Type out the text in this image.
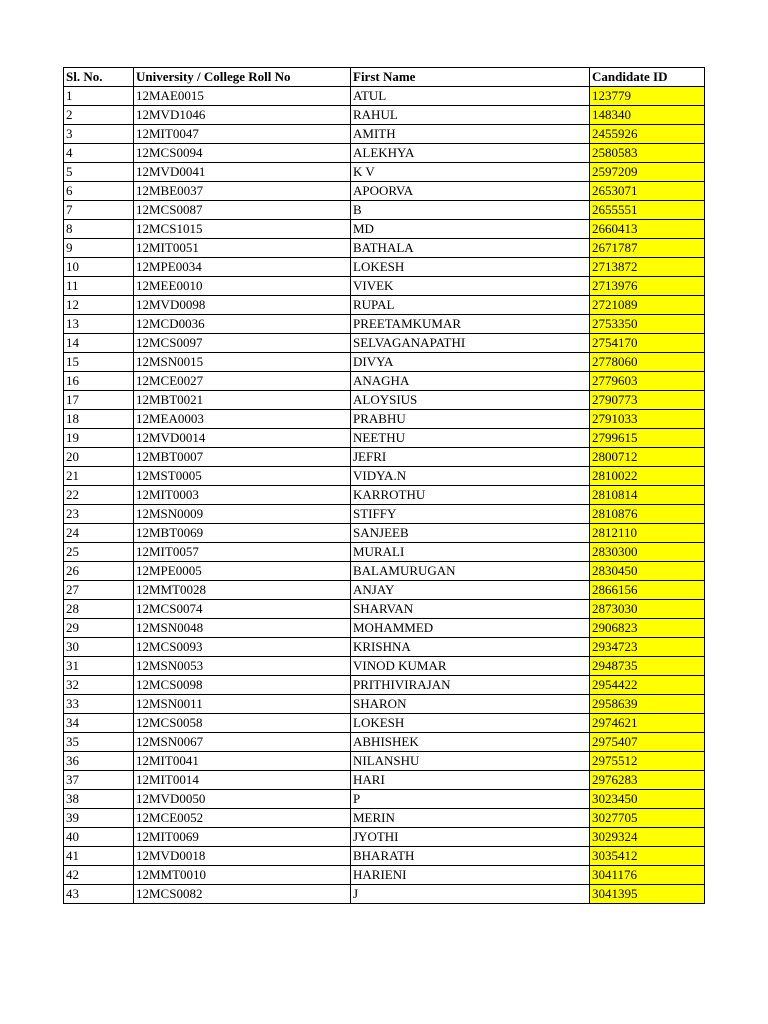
Sl. No.	University / College Roll No	First Name	Candidate ID
1	12MAE0015	ATUL	123779
2	12MVD1046	RAHUL	148340
3	12MIT0047	AMITH	2455926
4	12MCS0094	ALEKHYA	2580583
5	12MVD0041	K V	2597209
6	12MBE0037	APOORVA	2653071
7	12MCS0087	B	2655551
8	12MCS1015	MD	2660413
9	12MIT0051	BATHALA	2671787
10	12MPE0034	LOKESH	2713872
11	12MEE0010	VIVEK	2713976
12	12MVD0098	RUPAL	2721089
13	12MCD0036	PREETAMKUMAR	2753350
14	12MCS0097	SELVAGANAPATHI	2754170
15	12MSN0015	DIVYA	2778060
16	12MCE0027	ANAGHA	2779603
17	12MBT0021	ALOYSIUS	2790773
18	12MEA0003	PRABHU	2791033
19	12MVD0014	NEETHU	2799615
20	12MBT0007	JEFRI	2800712
21	12MST0005	VIDYA.N	2810022
22	12MIT0003	KARROTHU	2810814
23	12MSN0009	STIFFY	2810876
24	12MBT0069	SANJEEB	2812110
25	12MIT0057	MURALI	2830300
26	12MPE0005	BALAMURUGAN	2830450
27	12MMT0028	ANJAY	2866156
28	12MCS0074	SHARVAN	2873030
29	12MSN0048	MOHAMMED	2906823
30	12MCS0093	KRISHNA	2934723
31	12MSN0053	VINOD KUMAR	2948735
32	12MCS0098	PRITHIVIRAJAN	2954422
33	12MSN0011	SHARON	2958639
34	12MCS0058	LOKESH	2974621
35	12MSN0067	ABHISHEK	2975407
36	12MIT0041	NILANSHU	2975512
37	12MIT0014	HARI	2976283
38	12MVD0050	P	3023450
39	12MCE0052	MERIN	3027705
40	12MIT0069	JYOTHI	3029324
41	12MVD0018	BHARATH	3035412
42	12MMT0010	HARIENI	3041176
43	12MCS0082	J	3041395
